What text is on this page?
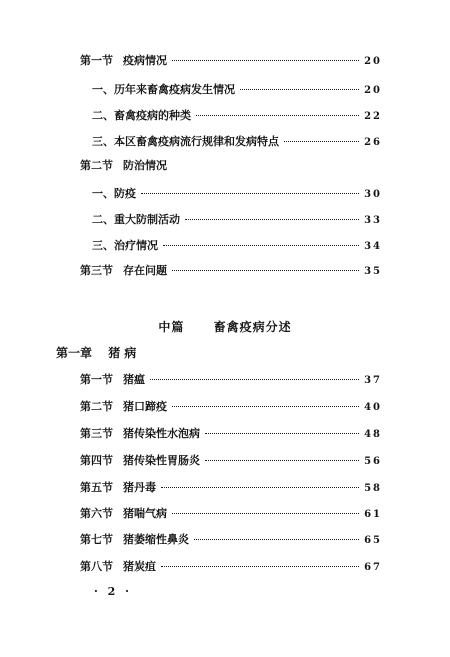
第一节 疫病情况	20
一、历年来畜禽疫病发生情况	20
二、畜禽疫病的种类	22
三、本区畜禽疫病流行规律和发病特点	26
第二节 防治情况
一、防疫	30
二、重大防制活动	33
三、治疗情况	34
第三节 存在问题	35
中篇 畜禽疫病分述
第一章 猪病
第一节 猪瘟	37
第二节 猪口蹄疫	40
第三节 猪传染性水泡病	48
第四节 猪传染性胃肠炎	56
第五节 猪丹毒	58
第六节 猪喘气病	61
第七节 猪萎缩性鼻炎	65
第八节 猪炭疽	67
· 2 ·
